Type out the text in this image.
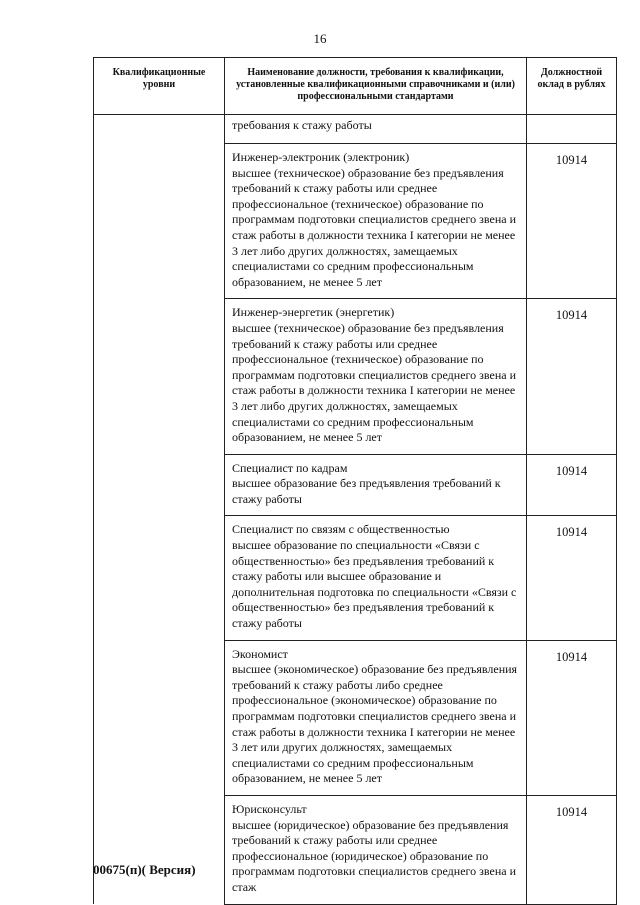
16
Квалификационные уровни	Наименование должности, требования к квалификации, установленные квалификационными справочниками и (или) профессиональными стандартами	Должностной оклад в рублях

	требования к стажу работы	

	Инженер-электроник (электроник)
высшее (техническое) образование без предъявления требований к стажу работы или среднее профессиональное (техническое) образование по программам подготовки специалистов среднего звена и стаж работы в должности техника I категории не менее 3 лет либо других должностях, замещаемых специалистами со средним профессиональным образованием, не менее 5 лет	10914

	Инженер-энергетик (энергетик)
высшее (техническое) образование без предъявления требований к стажу работы или среднее профессиональное (техническое) образование по программам подготовки специалистов среднего звена и стаж работы в должности техника I категории не менее 3 лет либо других должностях, замещаемых специалистами со средним профессиональным образованием, не менее 5 лет	10914

	Специалист по кадрам
высшее образование без предъявления требований к стажу работы	10914

	Специалист по связям с общественностью
высшее образование по специальности «Связи с общественностью» без предъявления требований к стажу работы или высшее образование и дополнительная подготовка по специальности «Связи с общественностью» без предъявления требований к стажу работы	10914

	Экономист
высшее (экономическое) образование без предъявления требований к стажу работы либо среднее профессиональное (экономическое) образование по программам подготовки специалистов среднего звена и стаж работы в должности техника I категории не менее 3 лет или других должностях, замещаемых специалистами со средним профессиональным образованием, не менее 5 лет	10914

	Юрисконсульт
высшее (юридическое) образование без предъявления требований к стажу работы или среднее профессиональное (юридическое) образование по программам подготовки специалистов среднего звена и стаж	10914
00675(п)( Версия)
